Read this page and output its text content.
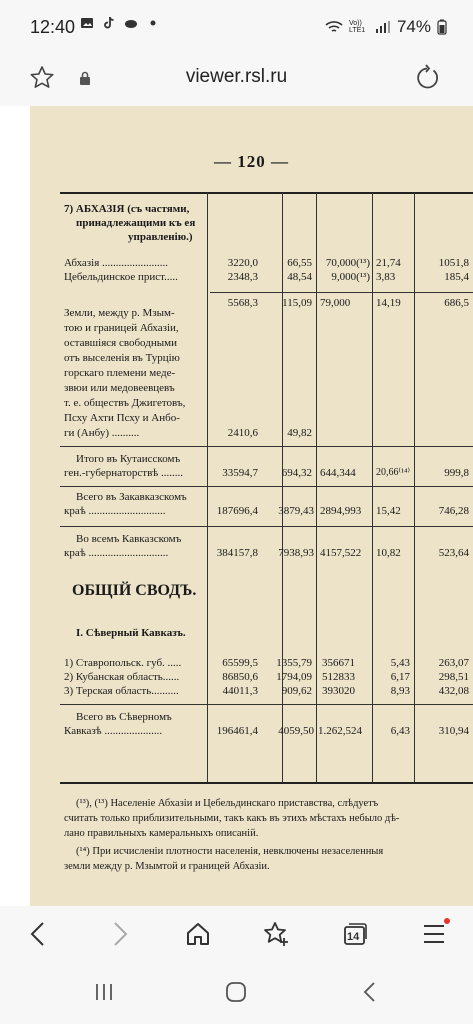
12:40	Vo)) LTE1 74%
viewer.rsl.ru
— 120 —
7) АБХАЗІЯ (съ частями,
принадлежащими къ ея
управленію.)
Абхазія ........................	3220,0	66,55	70,000(¹³) 21,74	1051,8
Цебельдинское прист.....	2348,3	48,54	9,000(¹³) 3,83	185,4
5568,3	115,09 79,000 14,19	686,5
Земли, между р. Мзым-
тою и границей Абхазіи,
оставшіяся свободными
отъ выселенія въ Турцію
горскаго племени меде-
звюи или медовеевцевъ
т. е. обществъ Джигетовъ,
Псху Ахти Псху и Анбо-
ги (Анбу) ..........	2410,6	49,82
Итого въ Кутаисскомъ
ген.-губернаторствѣ ........	33594,7	694,32 644,344 20,66⁽¹⁴⁾	999,8
Всего въ Закавказскомъ
краѣ ............................	187696,4	3879,43 2894,993 15,42	746,28
Во всемъ Кавказскомъ
краѣ .............................	384157,8	7938,93 4157,522 10,82	523,64
ОБЩІЙ СВОДЪ.
I. Сѣверный Кавказъ.
1) Ставропольск. губ. .....	65599,5	1355,79 356671	5,43	263,07
2) Кубанская область......	86850,6	1794,09 512833	6,17	298,51
3) Терская область..........	44011,3	909,62 393020	8,93	432,08
Всего въ Сѣверномъ
Кавказѣ .....................	196461,4	4059,50 1.262,524	6,43	310,94
(¹³), (¹³) Населеніе Абхазіи и Цебельдинскаго приставства, слѣдуетъ
считать только приблизительными, такъ какъ въ этихъ мѣстахъ небыло дѣ-
лано правильныхъ камеральныхъ описаній.
(¹⁴) При исчисленіи плотности населенія, невключены незаселенныя
земли между р. Мзымтой и границей Абхазіи.
14
